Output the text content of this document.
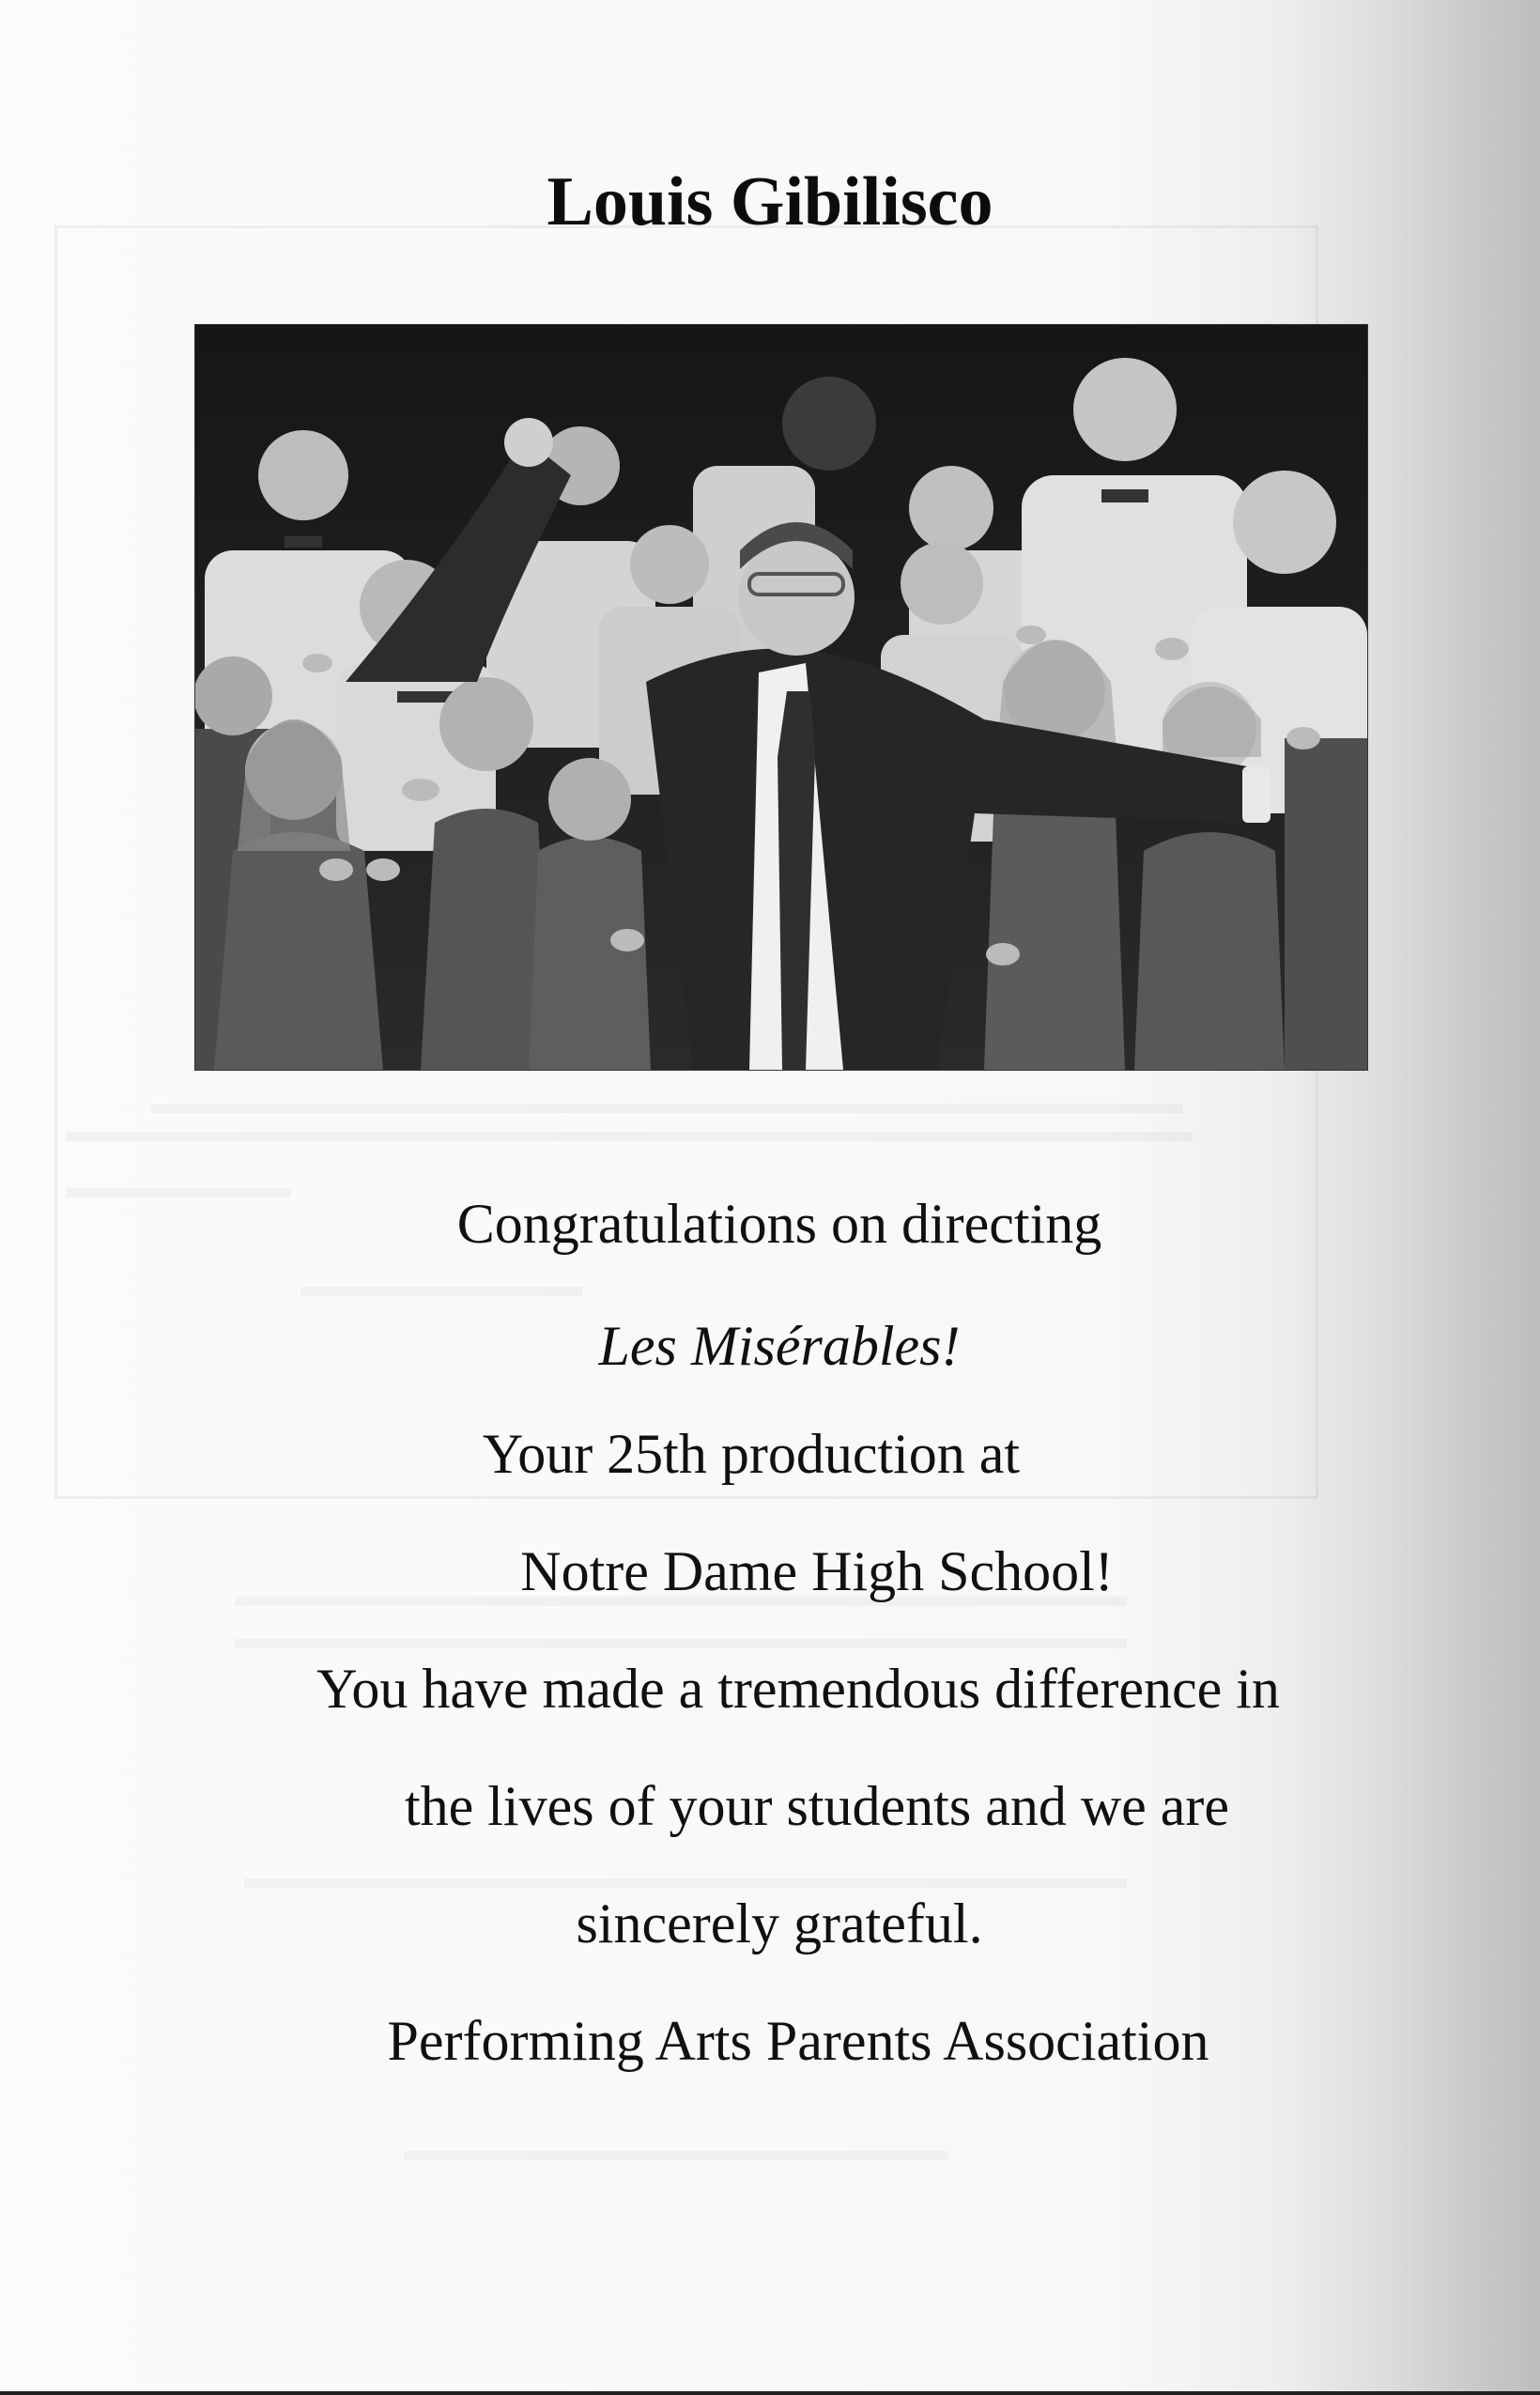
Louis Gibilisco

Congratulations on directing

Les Misérables!

Your 25th production at

Notre Dame High School!

You have made a tremendous difference in

the lives of your students and we are

sincerely grateful.

Performing Arts Parents Association
